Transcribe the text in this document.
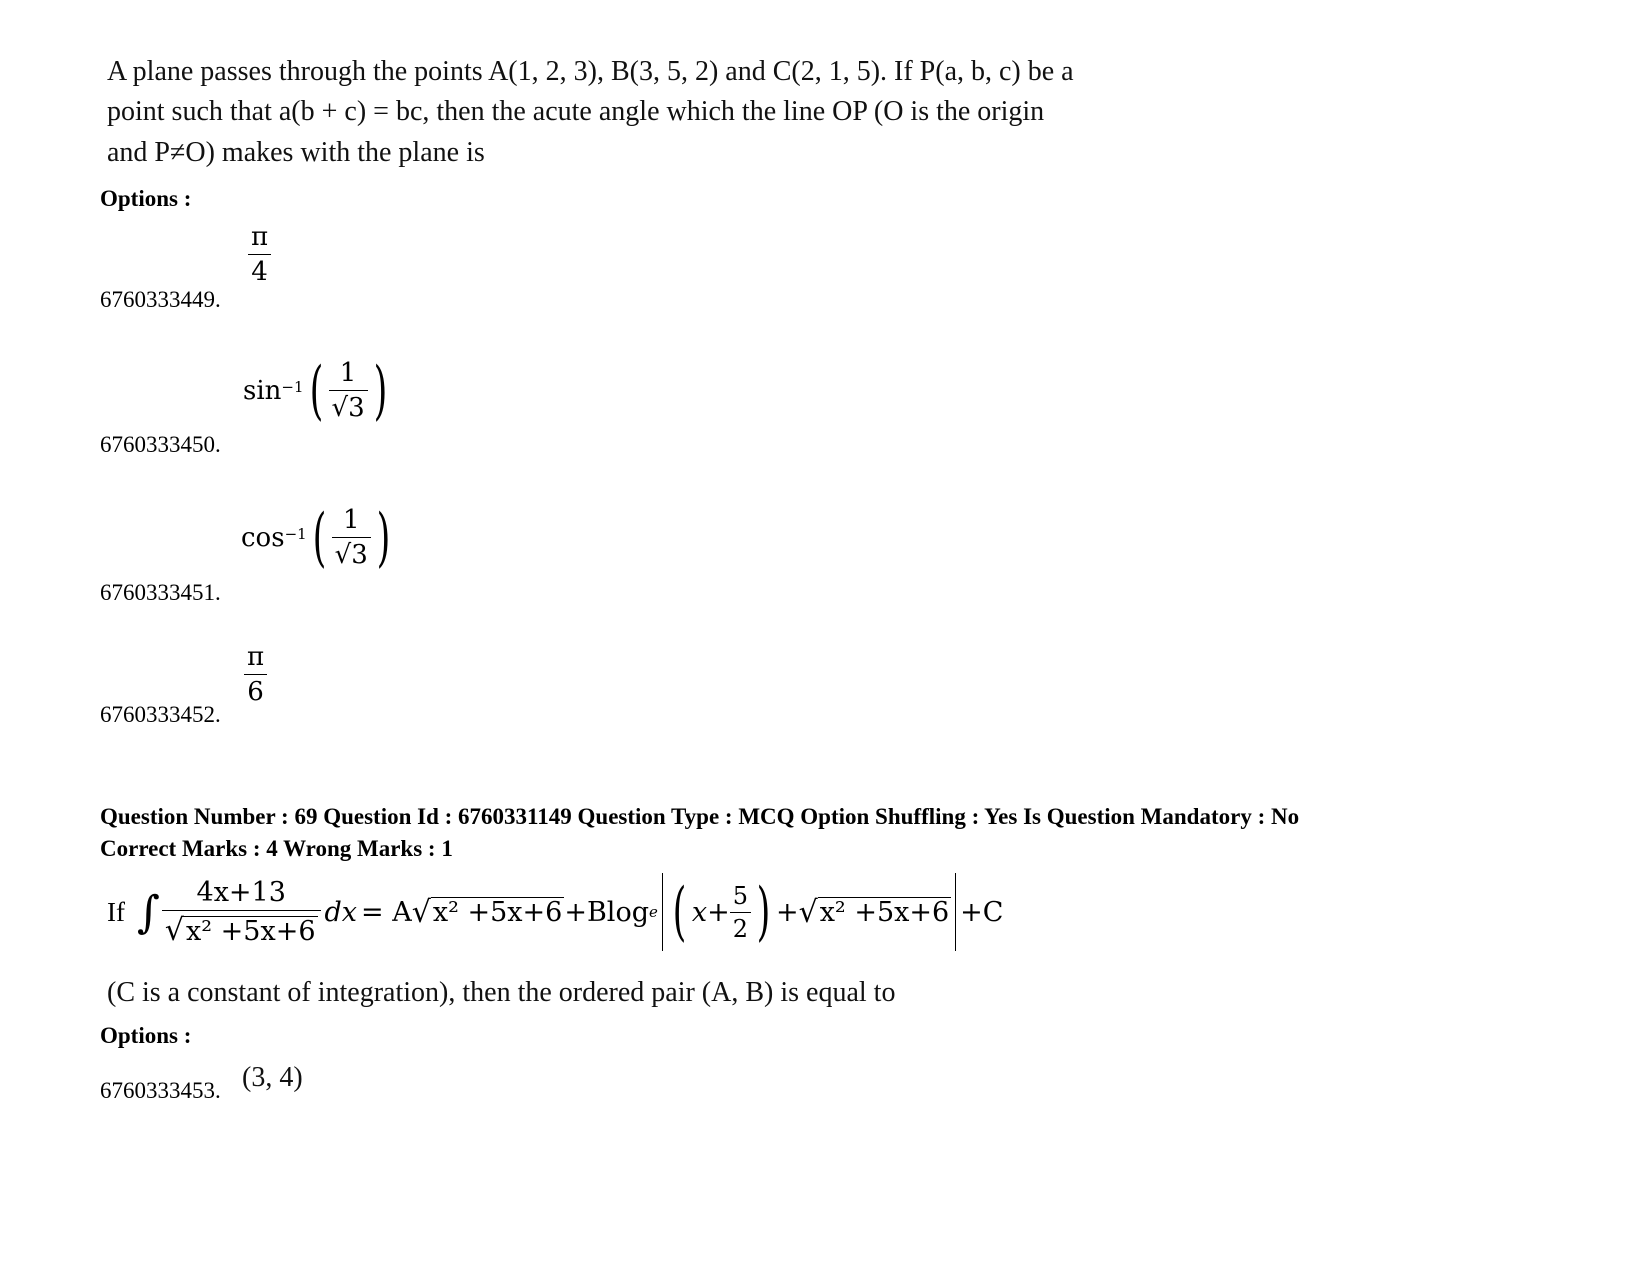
A plane passes through the points A(1, 2, 3), B(3, 5, 2) and C(2, 1, 5). If P(a, b, c) be a
point such that a(b + c) = bc, then the acute angle which the line OP (O is the origin
and P≠O) makes with the plane is
Options :
$\frac{\pi}{4}$
6760333449.
sin −1 ( $\frac{1}{√3}$ )
6760333450.
cos −1 ( $\frac{1}{√3}$ )
6760333451.
$\frac{\pi}{6}$
6760333452.
Question Number : 69 Question Id : 6760331149 Question Type : MCQ Option Shuffling : Yes Is Question Mandatory : No
Correct Marks : 4 Wrong Marks : 1
If ∫ $\frac{4x+13}{\text{√x² +5x+6}}$ dx = A √ x² +5x+6 +Blog e ( $x+ \frac{5}{2}$ ) + √ x² +5x+6 +C
(C is a constant of integration), then the ordered pair (A, B) is equal to
Options :
(3, 4)
6760333453.
